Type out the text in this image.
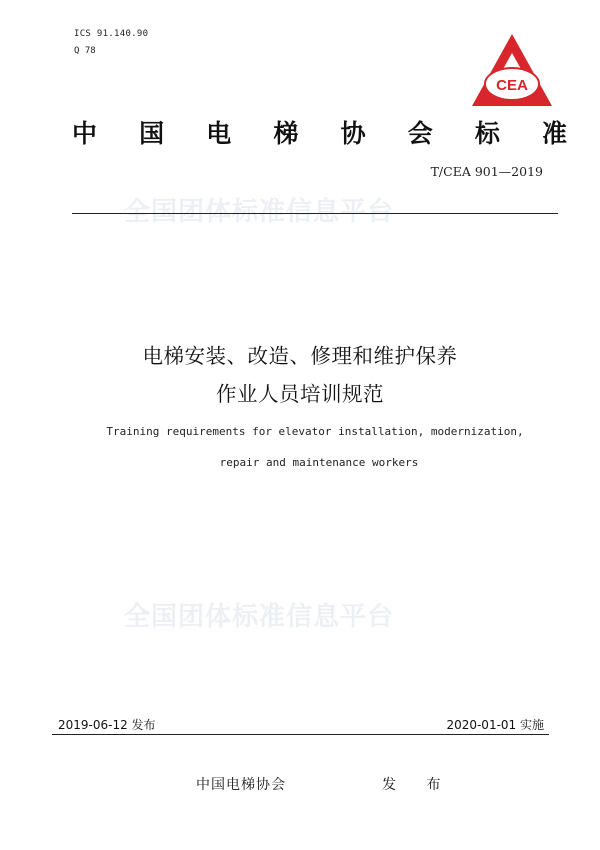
ICS 91.140.90
Q 78
CEA
中 国 电 梯 协 会 标 准
T/CEA 901—2019
全国团体标准信息平台
电梯安装、改造、修理和维护保养
作业人员培训规范
Training requirements for elevator installation, modernization,
repair and maintenance workers
全国团体标准信息平台
2019-06-12 发布	2020-01-01 实施
中国电梯协会	发 布
